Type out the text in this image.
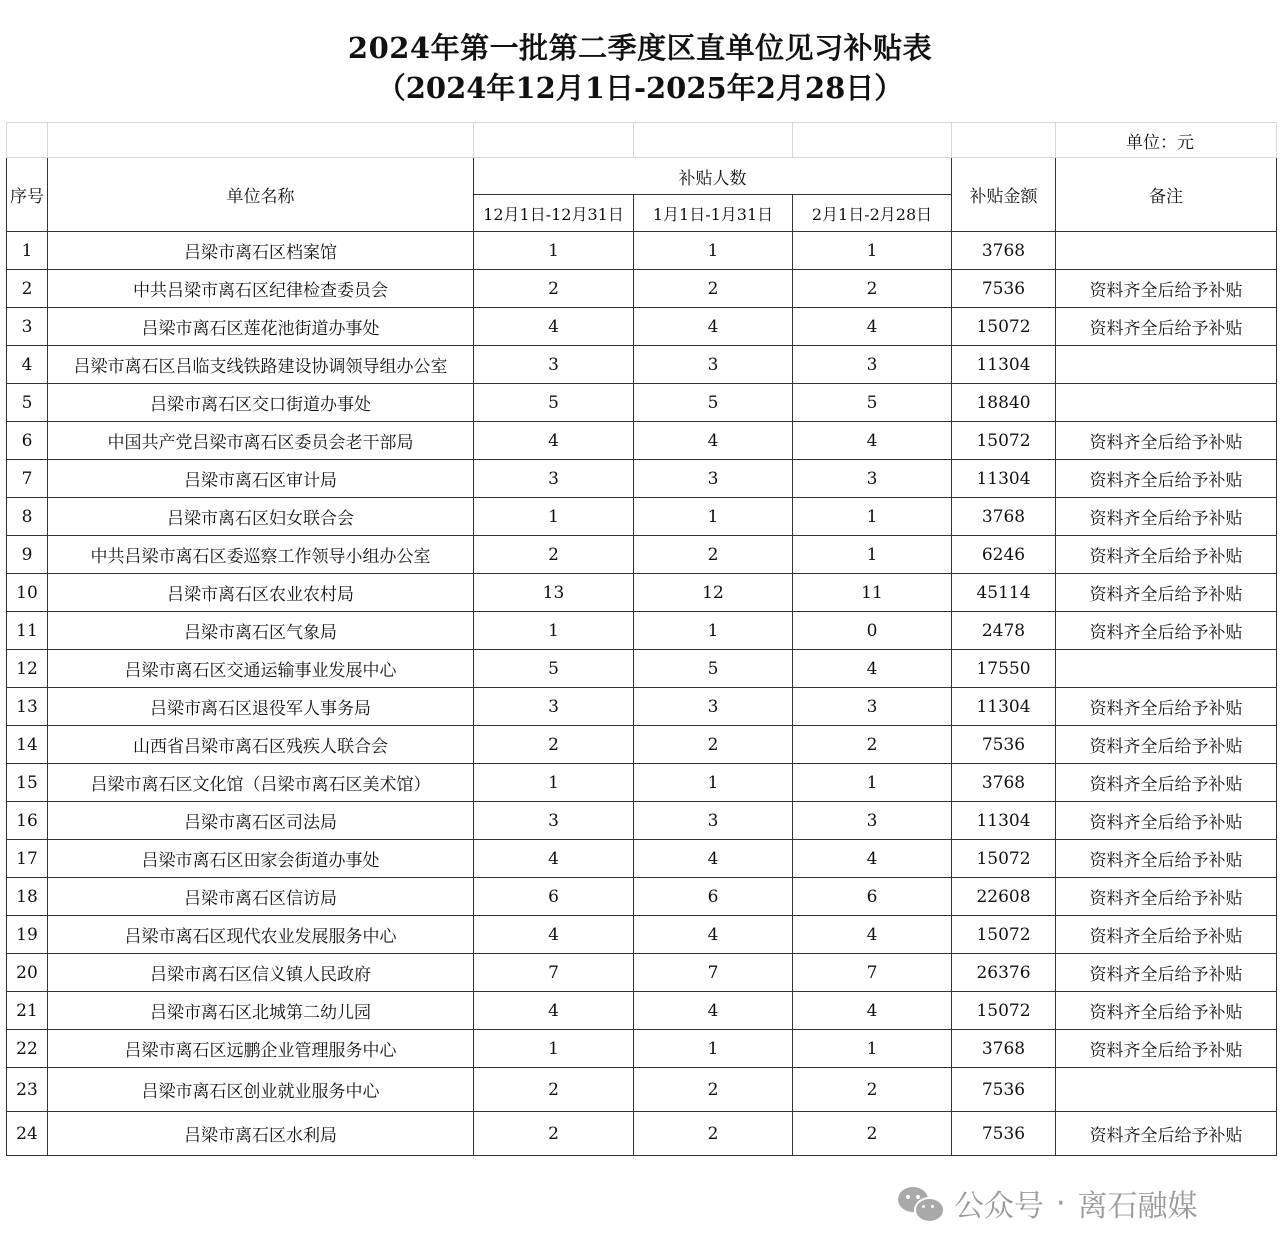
2024年第一批第二季度区直单位见习补贴表
（2024年12月1日-2025年2月28日）
						单位：元
序号	单位名称	补贴人数			补贴金额	备注
		12月1日-12月31日	1月1日-1月31日	2月1日-2月28日		
1	吕梁市离石区档案馆	1	1	1	3768	
2	中共吕梁市离石区纪律检查委员会	2	2	2	7536	资料齐全后给予补贴
3	吕梁市离石区莲花池街道办事处	4	4	4	15072	资料齐全后给予补贴
4	吕梁市离石区吕临支线铁路建设协调领导组办公室	3	3	3	11304	
5	吕梁市离石区交口街道办事处	5	5	5	18840	
6	中国共产党吕梁市离石区委员会老干部局	4	4	4	15072	资料齐全后给予补贴
7	吕梁市离石区审计局	3	3	3	11304	资料齐全后给予补贴
8	吕梁市离石区妇女联合会	1	1	1	3768	资料齐全后给予补贴
9	中共吕梁市离石区委巡察工作领导小组办公室	2	2	1	6246	资料齐全后给予补贴
10	吕梁市离石区农业农村局	13	12	11	45114	资料齐全后给予补贴
11	吕梁市离石区气象局	1	1	0	2478	资料齐全后给予补贴
12	吕梁市离石区交通运输事业发展中心	5	5	4	17550	
13	吕梁市离石区退役军人事务局	3	3	3	11304	资料齐全后给予补贴
14	山西省吕梁市离石区残疾人联合会	2	2	2	7536	资料齐全后给予补贴
15	吕梁市离石区文化馆（吕梁市离石区美术馆）	1	1	1	3768	资料齐全后给予补贴
16	吕梁市离石区司法局	3	3	3	11304	资料齐全后给予补贴
17	吕梁市离石区田家会街道办事处	4	4	4	15072	资料齐全后给予补贴
18	吕梁市离石区信访局	6	6	6	22608	资料齐全后给予补贴
19	吕梁市离石区现代农业发展服务中心	4	4	4	15072	资料齐全后给予补贴
20	吕梁市离石区信义镇人民政府	7	7	7	26376	资料齐全后给予补贴
21	吕梁市离石区北城第二幼儿园	4	4	4	15072	资料齐全后给予补贴
22	吕梁市离石区远鹏企业管理服务中心	1	1	1	3768	资料齐全后给予补贴
23	吕梁市离石区创业就业服务中心	2	2	2	7536	
24	吕梁市离石区水利局	2	2	2	7536	资料齐全后给予补贴
公众号 · 离石融媒
